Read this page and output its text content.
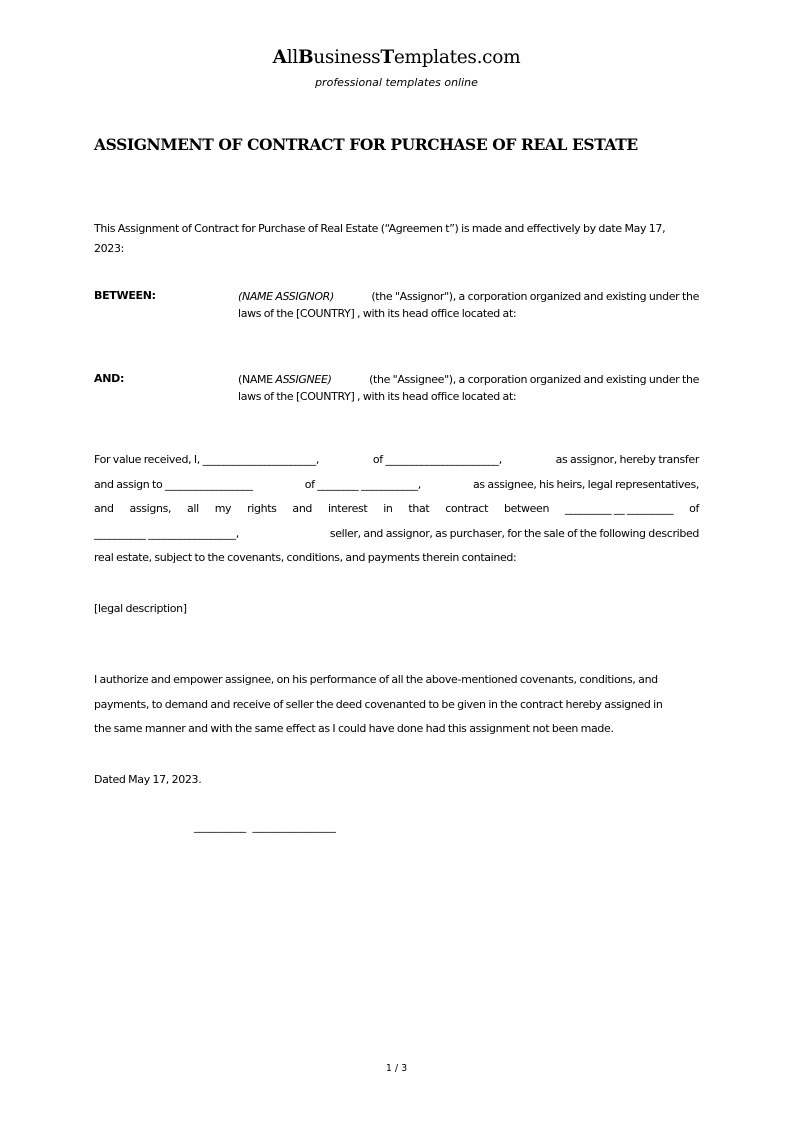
AllBusinessTemplates.com
professional templates online
ASSIGNMENT OF CONTRACT FOR PURCHASE OF REAL ESTATE
This Assignment of Contract for Purchase of Real Estate (“Agreemen t”) is made and effectively by date May 17,
2023:
BETWEEN:	(NAME ASSIGNOR)	(the "Assignor"), a corporation organized and existing under the
laws of the [COUNTRY] , with its head office located at:
AND:	(NAME ASSIGNEE)	(the "Assignee"), a corporation organized and existing under the
laws of the [COUNTRY] , with its head office located at:
For value received, I, ______________________,	of ______________________,	as assignor, hereby transfer
and assign to _________________	of ________ ___________,	as assignee, his heirs, legal representatives,
and assigns, all my rights and interest in that contract between _________ __ _________ of
__________ _________________,	seller, and assignor, as purchaser, for the sale of the following described
real estate, subject to the covenants, conditions, and payments therein contained:
[legal description]
I authorize and empower assignee, on his performance of all the above-mentioned covenants, conditions, and
payments, to demand and receive of seller the deed covenanted to be given in the contract hereby assigned in
the same manner and with the same effect as I could have done had this assignment not been made.
Dated May 17, 2023.
__________  ________________
1 / 3
